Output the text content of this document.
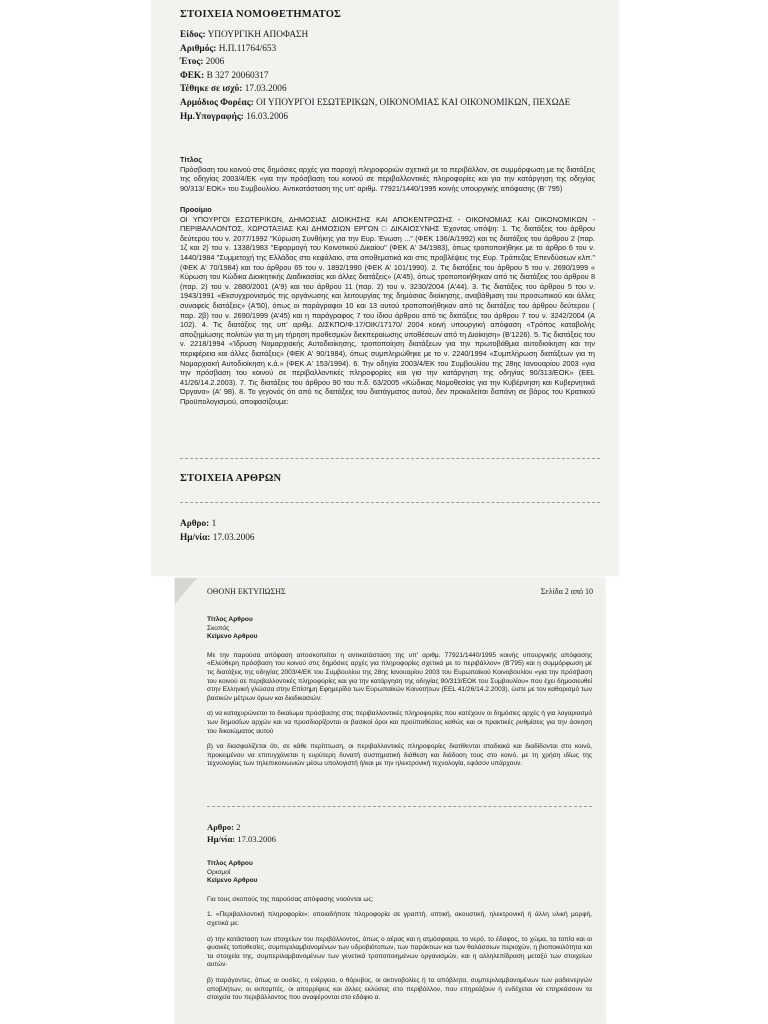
ΣΤΟΙΧΕΙΑ ΝΟΜΟΘΕΤΗΜΑΤΟΣ
Είδος: ΥΠΟΥΡΓΙΚΗ ΑΠΟΦΑΣΗ
Αριθμός: Η.Π.11764/653
Έτος: 2006
ΦΕΚ: Β 327 20060317
Τέθηκε σε ισχύ: 17.03.2006
Αρμόδιος Φορέας: ΟΙ ΥΠΟΥΡΓΟΙ ΕΣΩΤΕΡΙΚΩΝ, ΟΙΚΟΝΟΜΙΑΣ ΚΑΙ ΟΙΚΟΝΟΜΙΚΩΝ, ΠΕΧΩΔΕ
Ημ.Υπογραφής: 16.03.2006
Τίτλος
Πρόσβαση του κοινού στις δημόσιες αρχές για παροχή πληροφοριών σχετικά με το περιβάλλον, σε συμμόρφωση με τις διατάξεις της οδηγίας 2003/4/ΕΚ «για την πρόσβαση του κοινού σε περιβαλλοντικές πληροφορίες και για την κατάργηση της οδηγίας 90/313/ ΕΟΚ» του Συμβουλίου. Αντικατάσταση της υπ' αριθμ. 77921/1440/1995 κοινής υπουργικής απόφασης (Β' 795)
Προοίμιο
ΟΙ ΥΠΟΥΡΓΟΙ ΕΣΩΤΕΡΙΚΩΝ, ΔΗΜΟΣΙΑΣ ΔΙΟΙΚΗΣΗΣ ΚΑΙ ΑΠΟΚΕΝΤΡΩΣΗΣ - ΟΙΚΟΝΟΜΙΑΣ ΚΑΙ ΟΙΚΟΝΟΜΙΚΩΝ - ΠΕΡΙΒΑΛΛΟΝΤΟΣ, ΧΩΡΟΤΑΞΙΑΣ ΚΑΙ ΔΗΜΟΣΙΩΝ ΕΡΓΩΝ □ ΔΙΚΑΙΟΣΥΝΗΣ Έχοντας υπόψη: 1. Τις διατάξεις του άρθρου δεύτερου του ν. 2077/1992 "Κύρωση Συνθήκης για την Ευρ. Ένωση ..." (ΦΕΚ 136/Α/1992) και τις διατάξεις του άρθρου 2 (παρ. 1ζ και 2) του ν. 1338/1983 "Εφαρμογή του Κοινοτικού Δικαίου" (ΦΕΚ Α' 34/1983), όπως τροποποιήθηκε με το άρθρο 6 του ν. 1440/1984 "Συμμετοχή της Ελλάδας στο κεφάλαιο, στα αποθεματικά και στις προβλέψεις της Ευρ. Τράπεζας Επενδύσεων κλπ." (ΦΕΚ Α' 70/1984) και του άρθρου 65 του ν. 1892/1990 (ΦΕΚ Α' 101/1990). 2. Τις διατάξεις του άρθρου 5 του ν. 2690/1999 « Κύρωση του Κώδικα Διοικητικής Διαδικασίας και άλλες διατάξεις» (Α'45), όπως τροποποιήθηκαν από τις διατάξεις του άρθρου 8 (παρ. 2) του ν. 2880/2001 (Α'9) και του άρθρου 11 (παρ. 2) του ν. 3230/2004 (Α'44). 3. Τις διατάξεις του άρθρου 5 του ν. 1943/1991 «Εκσυγχρονισμός της οργάνωσης και λειτουργίας της δημόσιας διοίκησης, αναβάθμιση του προσωπικού και άλλες συναφείς διατάξεις» (Α'50), όπως οι παράγραφοι 10 και 13 αυτού τροποποιήθηκαν από τις διατάξεις του άρθρου δεύτερου ( παρ. 2β) του ν. 2690/1999 (Α'45) και η παράγραφος 7 του ίδιου άρθρου από τις διατάξεις του άρθρου 7 του ν. 3242/2004 (Α 102). 4. Τις διατάξεις της υπ' αριθμ. ΔΙΣΚΠΟ/Φ.17/ΟΙΚ/17170/ 2004 κοινή υπουργική απόφαση «Τρόπος καταβολής αποζημίωσης πολιτών για τη μη τήρηση προθεσμιών διεκπεραίωσης υποθέσεων από τη Διοίκηση» (Β'1226). 5. Τις διατάξεις του ν. 2218/1994 «Ίδρυση Νομαρχιακής Αυτοδιοίκησης, τροποποίηση διατάξεων για την πρωτοβάθμια αυτοδιοίκηση και την περιφέρεια και άλλες διατάξεις» (ΦΕΚ Α' 90/1984), όπως συμπληρώθηκε με το ν. 2240/1994 «Συμπλήρωση διατάξεων για τη Νομαρχιακή Αυτοδιοίκηση κ.ά.» (ΦΕΚ Α' 153/1994). 6. Την οδηγία 2003/4/ΕΚ του Συμβουλίου της 28ης Ιανουαρίου 2003 «για την πρόσβαση του κοινού σε περιβαλλοντικές πληροφορίες και για την κατάργηση της οδηγίας 90/313/ΕΟΚ» (ΕΕL 41/26/14.2.2003). 7. Τις διατάξεις του άρθρου 90 του π.δ. 63/2005 «Κώδικας Νομοθεσίας για την Κυβέρνηση και Κυβερνητικά Όργανα» (Α' 98). 8. Το γεγονός ότι από τις διατάξεις του διατάγματος αυτού, δεν προκαλείται δαπάνη σε βάρος του Κρατικού Προϋπολογισμού, αποφασίζουμε:
ΣΤΟΙΧΕΙΑ ΑΡΘΡΩΝ
Αρθρο: 1
Ημ/νία: 17.03.2006
ΟΘΟΝΗ ΕΚΤΥΠΩΣΗΣ	Σελίδα 2 από 10
Τίτλος Αρθρου
Σκοπός
Κείμενο Αρθρου

Με την παρούσα απόφαση αποσκοπείται η αντικατάσταση της υπ' αριθμ. 77921/1440/1995 κοινής υπουργικής απόφασης «Ελεύθερη πρόσβαση του κοινού στις δημόσιες αρχές για πληροφορίες σχετικά με το περιβάλλον» (Β'795) και η συμμόρφωση με τις διατάξεις της οδηγίας 2003/4/ΕΚ του Συμβουλίου της 28ης Ιανουαρίου 2003 του Ευρωπαϊκού Κοινοβουλίου «για την πρόσβαση του κοινού σε περιβαλλοντικές πληροφορίες και για την κατάργηση της οδηγίας 90/313/ΕΟΚ του Συμβουλίου» που έχει δημοσιευθεί στην Ελληνική γλώσσα στην Επίσημη Εφημερίδα των Ευρωπαϊκών Κοινοτήτων (ΕΕL 41/26/14.2.2003), ώστε με τον καθορισμό των βασικών μέτρων όρων και διαδικασιών:

α) να κατοχυρώνεται το δικαίωμα πρόσβασης στις περιβαλλοντικές πληροφορίες που κατέχουν οι δημόσιες αρχές ή για λογαριασμό των δημοσίων αρχών και να προσδιορίζονται οι βασικοί όροι και προϋποθέσεις καθώς και οι πρακτικές ρυθμίσεις για την άσκηση του δικαιώματος αυτού

β) να διασφαλίζεται ότι, σε κάθε περίπτωση, οι περιβαλλοντικές πληροφορίες διατίθενται σταδιακά και διαδίδονται στο κοινό, προκειμένου να επιτυγχάνεται η ευρύτερη δυνατή συστηματική διάθεση και διάδοση τους στο κοινό, με τη χρήση ιδίως της τεχνολογίας των τηλεπικοινωνιών μέσω υπολογιστή ή/και με την ηλεκτρονική τεχνολογία, εφόσον υπάρχουν.

Αρθρο: 2
Ημ/νία: 17.03.2006
Τίτλος Αρθρου
Ορισμοί
Κείμενο Αρθρου

Για τους σκοπούς της παρούσας απόφασης νοούνται ως:

1. «Περιβαλλοντική πληροφορία»: οποιαδήποτε πληροφορία σε γραπτή, οπτική, ακουστική, ηλεκτρονική ή άλλη υλική μορφή, σχετικά με:

α) την κατάσταση των στοιχείων του περιβάλλοντος, όπως ο αέρας και η ατμόσφαιρα, το νερό, το έδαφος, το χώμα, τα τοπία και οι φυσικές τοποθεσίες, συμπεριλαμβανομένων των υδροβιότοπων, των παράκτιων και των θαλάσσιων περιοχών, η βιοποικιλότητα και τα στοιχεία της, συμπεριλαμβανομένων των γενετικά τροποποιημένων οργανισμών, και η αλληλεπίδραση μεταξύ των στοιχείων αυτών·

β) παράγοντες, όπως οι ουσίες, η ενέργεια, ο θόρυβος, οι ακτινοβολίες ή τα απόβλητα, συμπεριλαμβανομένων των ραδιενεργών αποβλήτων, οι εκπομπές, οι απορρίψεις και άλλες εκλύσεις στο περιβάλλον, που επηρεάζουν ή ενδέχεται να επηρεάσουν τα στοιχεία του περιβάλλοντος που αναφέρονται στο εδάφιο α.
